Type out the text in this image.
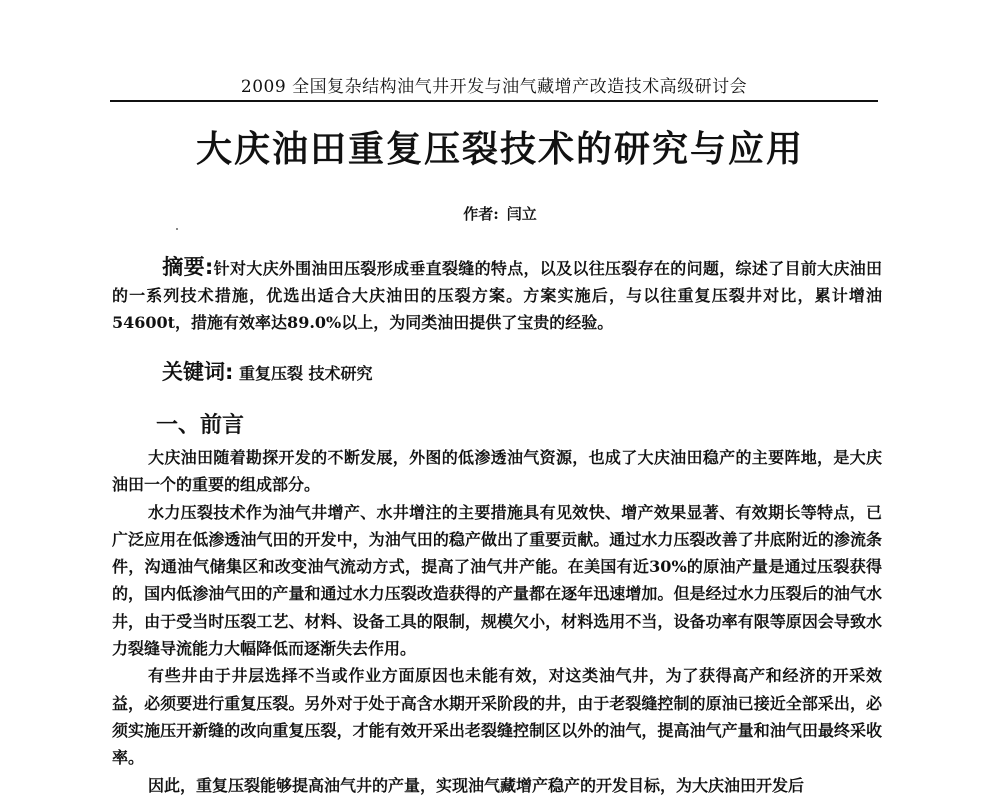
2009 全国复杂结构油气井开发与油气藏增产改造技术高级研讨会
大庆油田重复压裂技术的研究与应用
作者: 闫立
摘要:针对大庆外围油田压裂形成垂直裂缝的特点，以及以往压裂存在的问题，综述了目前大庆油田的一系列技术措施，优选出适合大庆油田的压裂方案。方案实施后，与以往重复压裂井对比，累计增油54600t，措施有效率达89.0%以上，为同类油田提供了宝贵的经验。
关键词: 重复压裂 技术研究
一、前言

大庆油田随着勘探开发的不断发展，外图的低渗透油气资源，也成了大庆油田稳产的主要阵地，是大庆油田一个的重要的组成部分。

水力压裂技术作为油气井增产、水井增注的主要措施具有见效快、增产效果显著、有效期长等特点，已广泛应用在低渗透油气田的开发中，为油气田的稳产做出了重要贡献。通过水力压裂改善了井底附近的渗流条件，沟通油气储集区和改变油气流动方式，提高了油气井产能。在美国有近30%的原油产量是通过压裂获得的，国内低渗油气田的产量和通过水力压裂改造获得的产量都在逐年迅速增加。但是经过水力压裂后的油气水井，由于受当时压裂工艺、材料、设备工具的限制，规模欠小，材料选用不当，设备功率有限等原因会导致水力裂缝导流能力大幅降低而逐渐失去作用。

有些井由于井层选择不当或作业方面原因也未能有效，对这类油气井，为了获得高产和经济的开采效益，必须要进行重复压裂。另外对于处于高含水期开采阶段的井，由于老裂缝控制的原油已接近全部采出，必须实施压开新缝的改向重复压裂，才能有效开采出老裂缝控制区以外的油气，提高油气产量和油气田最终采收率。

因此，重复压裂能够提高油气井的产量，实现油气藏增产稳产的开发目标，为大庆油田开发后
